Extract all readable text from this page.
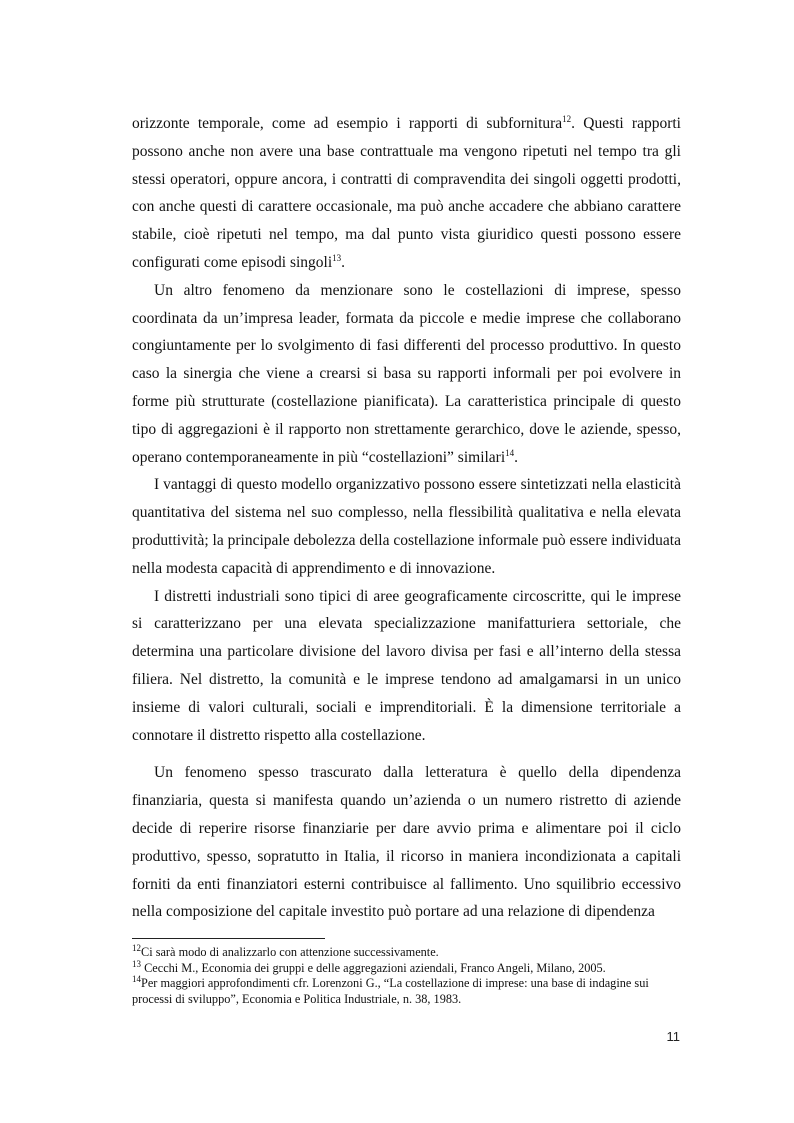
orizzonte temporale, come ad esempio i rapporti di subfornitura$^{12}$. Questi rapporti possono anche non avere una base contrattuale ma vengono ripetuti nel tempo tra gli stessi operatori, oppure ancora, i contratti di compravendita dei singoli oggetti prodotti, con anche questi di carattere occasionale, ma può anche accadere che abbiano carattere stabile, cioè ripetuti nel tempo, ma dal punto vista giuridico questi possono essere configurati come episodi singoli$^{13}$.

Un altro fenomeno da menzionare sono le costellazioni di imprese, spesso coordinata da un’impresa leader, formata da piccole e medie imprese che collaborano congiuntamente per lo svolgimento di fasi differenti del processo produttivo. In questo caso la sinergia che viene a crearsi si basa su rapporti informali per poi evolvere in forme più strutturate (costellazione pianificata). La caratteristica principale di questo tipo di aggregazioni è il rapporto non strettamente gerarchico, dove le aziende, spesso, operano contemporaneamente in più “costellazioni” similari$^{14}$.

I vantaggi di questo modello organizzativo possono essere sintetizzati nella elasticità quantitativa del sistema nel suo complesso, nella flessibilità qualitativa e nella elevata produttività; la principale debolezza della costellazione informale può essere individuata nella modesta capacità di apprendimento e di innovazione.

I distretti industriali sono tipici di aree geograficamente circoscritte, qui le imprese si caratterizzano per una elevata specializzazione manifatturiera settoriale, che determina una particolare divisione del lavoro divisa per fasi e all’interno della stessa filiera. Nel distretto, la comunità e le imprese tendono ad amalgamarsi in un unico insieme di valori culturali, sociali e imprenditoriali. È la dimensione territoriale a connotare il distretto rispetto alla costellazione.

Un fenomeno spesso trascurato dalla letteratura è quello della dipendenza finanziaria, questa si manifesta quando un’azienda o un numero ristretto di aziende decide di reperire risorse finanziarie per dare avvio prima e alimentare poi il ciclo produttivo, spesso, sopratutto in Italia, il ricorso in maniera incondizionata a capitali forniti da enti finanziatori esterni contribuisce al fallimento. Uno squilibrio eccessivo nella composizione del capitale investito può portare ad una relazione di dipendenza

$^{12}$Ci sarà modo di analizzarlo con attenzione successivamente.

$^{13}$ Cecchi M., Economia dei gruppi e delle aggregazioni aziendali, Franco Angeli, Milano, 2005.

$^{14}$Per maggiori approfondimenti cfr. Lorenzoni G., “La costellazione di imprese: una base di indagine sui processi di sviluppo”, Economia e Politica Industriale, n. 38, 1983.

11
